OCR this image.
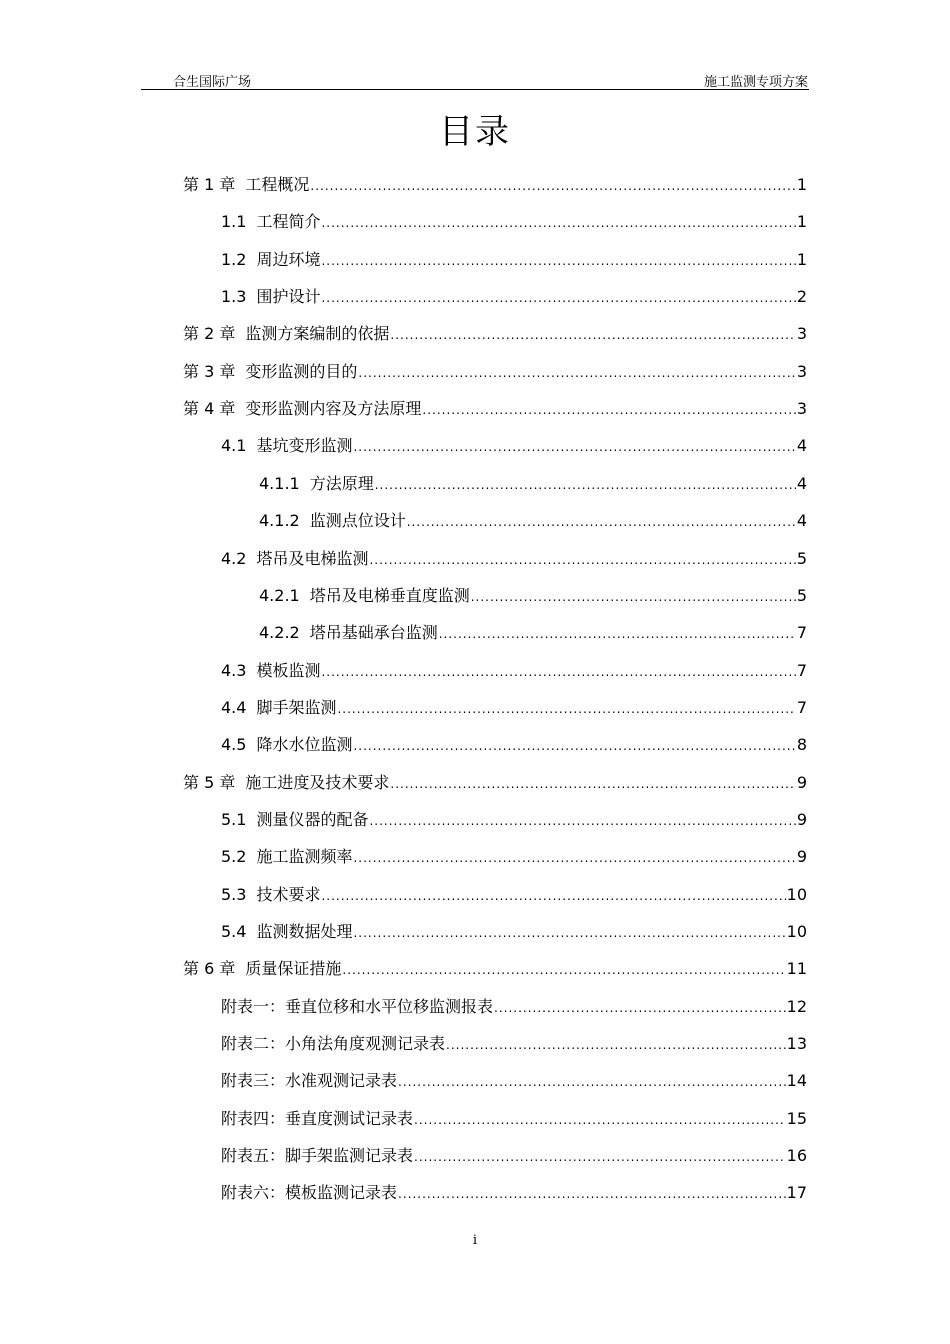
合生国际广场	施工监测专项方案
目录
第 1 章 工程概况 .....	1
1.1 工程简介 .....	1
1.2 周边环境 .....	1
1.3 围护设计 .....	2
第 2 章 监测方案编制的依据 .....	3
第 3 章 变形监测的目的 .....	3
第 4 章 变形监测内容及方法原理 .....	3
4.1 基坑变形监测 .....	4
4.1.1 方法原理 .....	4
4.1.2 监测点位设计 .....	4
4.2 塔吊及电梯监测 .....	5
4.2.1 塔吊及电梯垂直度监测 .....	5
4.2.2 塔吊基础承台监测 .....	7
4.3 模板监测 .....	7
4.4 脚手架监测 .....	7
4.5 降水水位监测 .....	8
第 5 章 施工进度及技术要求 .....	9
5.1 测量仪器的配备 .....	9
5.2 施工监测频率 .....	9
5.3 技术要求 .....	10
5.4 监测数据处理 .....	10
第 6 章 质量保证措施 .....	11
附表一：垂直位移和水平位移监测报表 .....	12
附表二：小角法角度观测记录表 .....	13
附表三：水准观测记录表 .....	14
附表四：垂直度测试记录表 .....	15
附表五：脚手架监测记录表 .....	16
附表六：模板监测记录表 .....	17
i
